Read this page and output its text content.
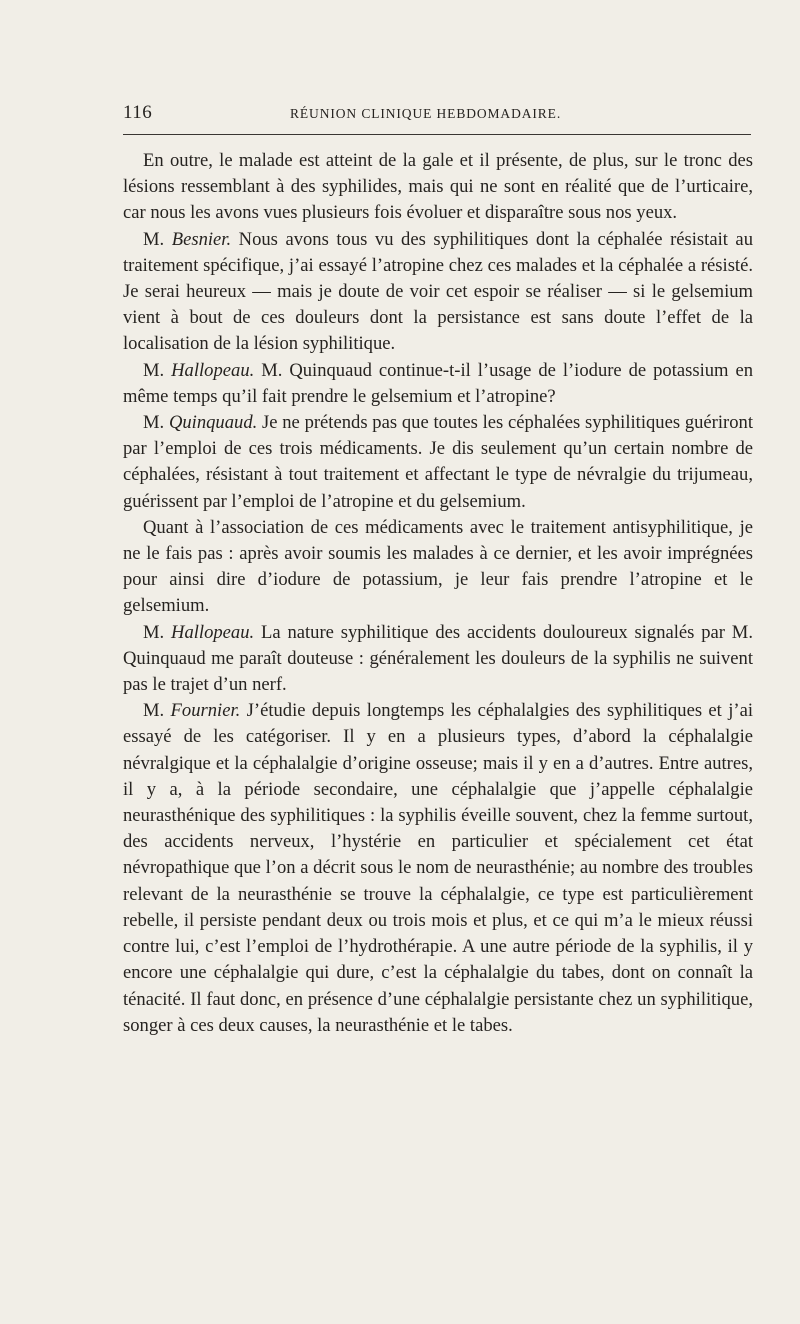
116	RÉUNION CLINIQUE HEBDOMADAIRE.

En outre, le malade est atteint de la gale et il présente, de plus, sur le tronc des lésions ressemblant à des syphilides, mais qui ne sont en réalité que de l’urticaire, car nous les avons vues plusieurs fois évoluer et disparaître sous nos yeux.

M. Besnier. Nous avons tous vu des syphilitiques dont la céphalée résistait au traitement spécifique, j’ai essayé l’atropine chez ces malades et la céphalée a résisté. Je serai heureux — mais je doute de voir cet espoir se réaliser — si le gelsemium vient à bout de ces douleurs dont la persistance est sans doute l’effet de la localisation de la lésion syphilitique.

M. Hallopeau. M. Quinquaud continue-t-il l’usage de l’iodure de potassium en même temps qu’il fait prendre le gelsemium et l’atropine?

M. Quinquaud. Je ne prétends pas que toutes les céphalées syphilitiques guériront par l’emploi de ces trois médicaments. Je dis seulement qu’un certain nombre de céphalées, résistant à tout traitement et affectant le type de névralgie du trijumeau, guérissent par l’emploi de l’atropine et du gelsemium.

Quant à l’association de ces médicaments avec le traitement antisyphilitique, je ne le fais pas : après avoir soumis les malades à ce dernier, et les avoir imprégnées pour ainsi dire d’iodure de potassium, je leur fais prendre l’atropine et le gelsemium.

M. Hallopeau. La nature syphilitique des accidents douloureux signalés par M. Quinquaud me paraît douteuse : généralement les douleurs de la syphilis ne suivent pas le trajet d’un nerf.

M. Fournier. J’étudie depuis longtemps les céphalalgies des syphilitiques et j’ai essayé de les catégoriser. Il y en a plusieurs types, d’abord la céphalalgie névralgique et la céphalalgie d’origine osseuse; mais il y en a d’autres. Entre autres, il y a, à la période secondaire, une céphalalgie que j’appelle céphalalgie neurasthénique des syphilitiques : la syphilis éveille souvent, chez la femme surtout, des accidents nerveux, l’hystérie en particulier et spécialement cet état névropathique que l’on a décrit sous le nom de neurasthénie; au nombre des troubles relevant de la neurasthénie se trouve la céphalalgie, ce type est particulièrement rebelle, il persiste pendant deux ou trois mois et plus, et ce qui m’a le mieux réussi contre lui, c’est l’emploi de l’hydrothérapie. A une autre période de la syphilis, il y encore une céphalalgie qui dure, c’est la céphalalgie du tabes, dont on connaît la ténacité. Il faut donc, en présence d’une céphalalgie persistante chez un syphilitique, songer à ces deux causes, la neurasthénie et le tabes.
